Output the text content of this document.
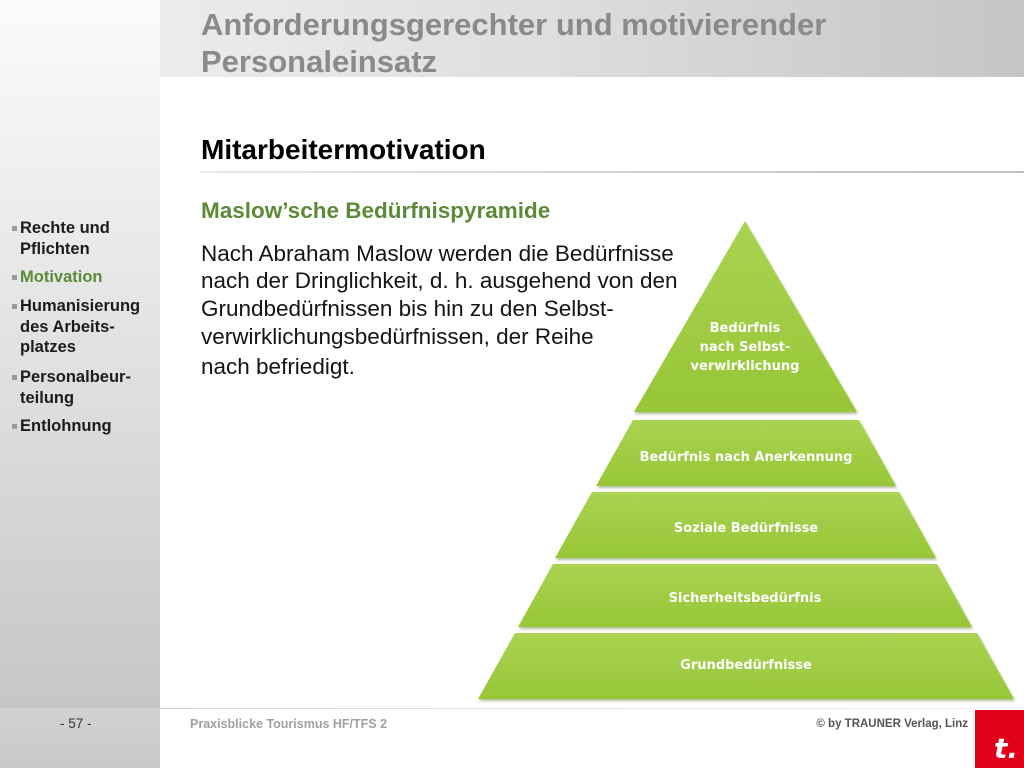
Anforderungsgerechter und motivierender
Personaleinsatz
Mitarbeitermotivation
Rechte und
Pflichten
Motivation
Humanisierung
des Arbeits-
platzes
Personalbeur-
teilung
Entlohnung
Maslow’sche Bedürfnispyramide
Nach Abraham Maslow werden die Bedürfnisse
nach der Dringlichkeit, d. h. ausgehend von den
Grundbedürfnissen bis hin zu den Selbst-
verwirklichungsbedürfnissen, der Reihe
nach befriedigt.
Bedürfnis
nach Selbst-
verwirklichung
Bedürfnis nach Anerkennung
Soziale Bedürfnisse
Sicherheitsbedürfnis
Grundbedürfnisse
- 57 -	Praxisblicke Tourismus HF/TFS 2	© by TRAUNER Verlag, Linz
t.
